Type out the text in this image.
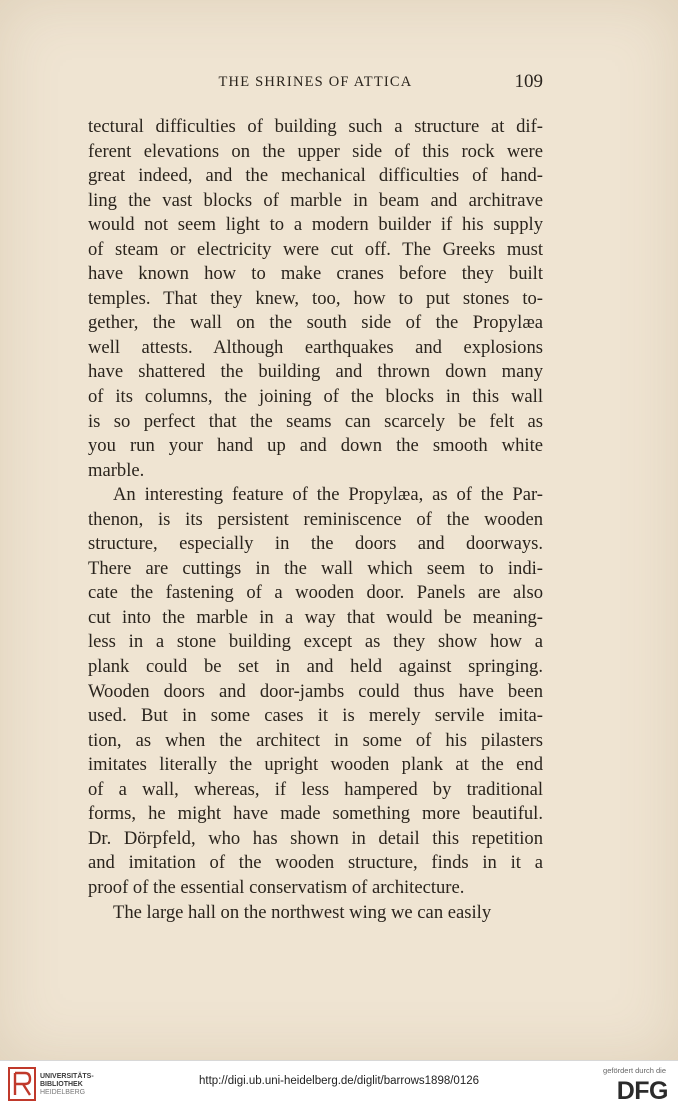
THE SHRINES OF ATTICA	109
tectural difficulties of building such a structure at dif-
ferent elevations on the upper side of this rock were
great indeed, and the mechanical difficulties of hand-
ling the vast blocks of marble in beam and architrave
would not seem light to a modern builder if his supply
of steam or electricity were cut off. The Greeks must
have known how to make cranes before they built
temples. That they knew, too, how to put stones to-
gether, the wall on the south side of the Propylæa
well attests. Although earthquakes and explosions
have shattered the building and thrown down many
of its columns, the joining of the blocks in this wall
is so perfect that the seams can scarcely be felt as
you run your hand up and down the smooth white
marble.
An interesting feature of the Propylæa, as of the Par-
thenon, is its persistent reminiscence of the wooden
structure, especially in the doors and doorways.
There are cuttings in the wall which seem to indi-
cate the fastening of a wooden door. Panels are also
cut into the marble in a way that would be meaning-
less in a stone building except as they show how a
plank could be set in and held against springing.
Wooden doors and door-jambs could thus have been
used. But in some cases it is merely servile imita-
tion, as when the architect in some of his pilasters
imitates literally the upright wooden plank at the end
of a wall, whereas, if less hampered by traditional
forms, he might have made something more beautiful.
Dr. Dörpfeld, who has shown in detail this repetition
and imitation of the wooden structure, finds in it a
proof of the essential conservatism of architecture.
The large hall on the northwest wing we can easily
UNIVERSITÄTS-
BIBLIOTHEK
HEIDELBERG
http://digi.ub.uni-heidelberg.de/diglit/barrows1898/0126
gefördert durch die
DFG
